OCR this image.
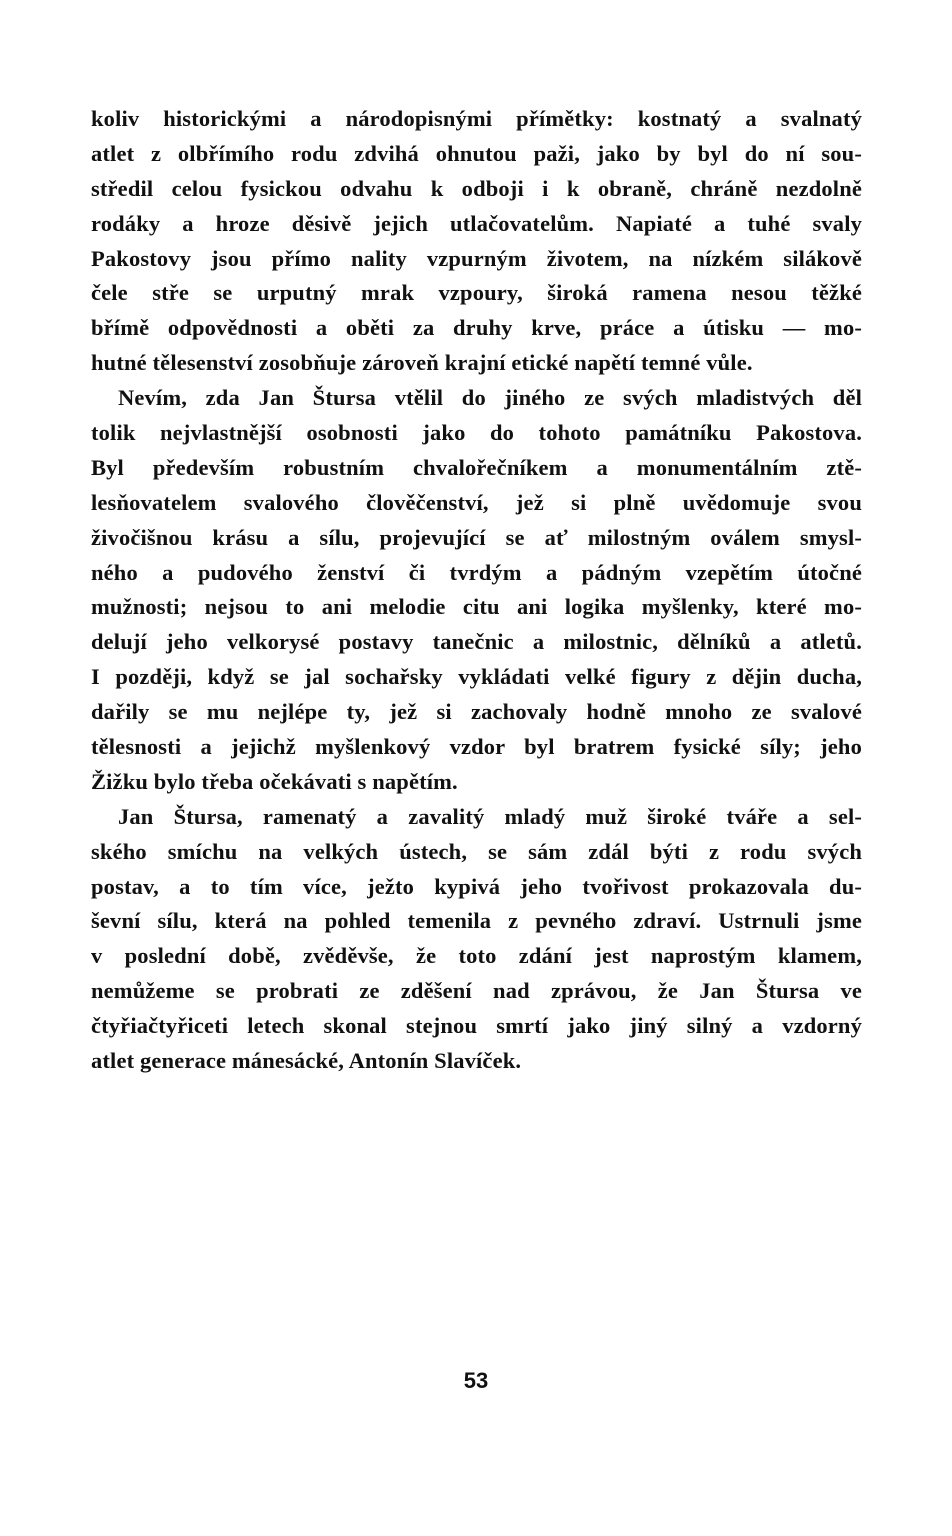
koliv historickými a národopisnými přímětky: kostnatý a svalnatý
atlet z olbřímího rodu zdvihá ohnutou paži, jako by byl do ní sou-
středil celou fysickou odvahu k odboji i k obraně, chráně nezdolně
rodáky a hroze děsivě jejich utlačovatelům. Napiaté a tuhé svaly
Pakostovy jsou přímo nality vzpurným životem, na nízkém silákově
čele stře se urputný mrak vzpoury, široká ramena nesou těžké
břímě odpovědnosti a oběti za druhy krve, práce a útisku — mo-
hutné tělesenství zosobňuje zároveň krajní etické napětí temné vůle.
Nevím, zda Jan Štursa vtělil do jiného ze svých mladistvých děl
tolik nejvlastnější osobnosti jako do tohoto památníku Pakostova.
Byl především robustním chvalořečníkem a monumentálním ztě-
lesňovatelem svalového člověčenství, jež si plně uvědomuje svou
živočišnou krásu a sílu, projevující se ať milostným oválem smysl-
ného a pudového ženství či tvrdým a pádným vzepětím útočné
mužnosti; nejsou to ani melodie citu ani logika myšlenky, které mo-
delují jeho velkorysé postavy tanečnic a milostnic, dělníků a atletů.
I později, když se jal sochařsky vykládati velké figury z dějin ducha,
dařily se mu nejlépe ty, jež si zachovaly hodně mnoho ze svalové
tělesnosti a jejichž myšlenkový vzdor byl bratrem fysické síly; jeho
Žižku bylo třeba očekávati s napětím.
Jan Štursa, ramenatý a zavalitý mladý muž široké tváře a sel-
ského smíchu na velkých ústech, se sám zdál býti z rodu svých
postav, a to tím více, ježto kypivá jeho tvořivost prokazovala du-
ševní sílu, která na pohled temenila z pevného zdraví. Ustrnuli jsme
v poslední době, zvěděvše, že toto zdání jest naprostým klamem,
nemůžeme se probrati ze zděšení nad zprávou, že Jan Štursa ve
čtyřiačtyřiceti letech skonal stejnou smrtí jako jiný silný a vzdorný
atlet generace mánesácké, Antonín Slavíček.
53
